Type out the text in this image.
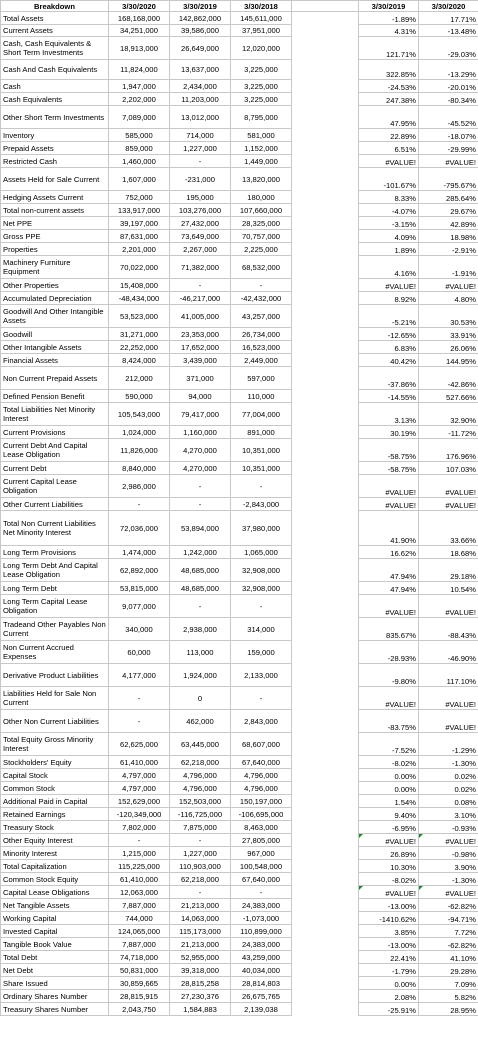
Breakdown	3/30/2020	3/30/2019	3/30/2018		3/30/2019	3/30/2020
Total Assets	168,168,000	142,862,000	145,611,000		-1.89%	17.71%
Current Assets	34,251,000	39,586,000	37,951,000		4.31%	-13.48%
Cash, Cash Equivalents & Short Term Investments	18,913,000	26,649,000	12,020,000		121.71%	-29.03%
Cash And Cash Equivalents	11,824,000	13,637,000	3,225,000		322.85%	-13.29%
Cash	1,947,000	2,434,000	3,225,000		-24.53%	-20.01%
Cash Equivalents	2,202,000	11,203,000	3,225,000		247.38%	-80.34%
Other Short Term Investments	7,089,000	13,012,000	8,795,000		47.95%	-45.52%
Inventory	585,000	714,000	581,000		22.89%	-18.07%
Prepaid Assets	859,000	1,227,000	1,152,000		6.51%	-29.99%
Restricted Cash	1,460,000	-	1,449,000		#VALUE!	#VALUE!
Assets Held for Sale Current	1,607,000	-231,000	13,820,000		-101.67%	-795.67%
Hedging Assets Current	752,000	195,000	180,000		8.33%	285.64%
Total non-current assets	133,917,000	103,276,000	107,660,000		-4.07%	29.67%
Net PPE	39,197,000	27,432,000	28,325,000		-3.15%	42.89%
Gross PPE	87,631,000	73,649,000	70,757,000		4.09%	18.98%
Properties	2,201,000	2,267,000	2,225,000		1.89%	-2.91%
Machinery Furniture Equipment	70,022,000	71,382,000	68,532,000		4.16%	-1.91%
Other Properties	15,408,000	-	-		#VALUE!	#VALUE!
Accumulated Depreciation	-48,434,000	-46,217,000	-42,432,000		8.92%	4.80%
Goodwill And Other Intangible Assets	53,523,000	41,005,000	43,257,000		-5.21%	30.53%
Goodwill	31,271,000	23,353,000	26,734,000		-12.65%	33.91%
Other Intangible Assets	22,252,000	17,652,000	16,523,000		6.83%	26.06%
Financial Assets	8,424,000	3,439,000	2,449,000		40.42%	144.95%
Non Current Prepaid Assets	212,000	371,000	597,000		-37.86%	-42.86%
Defined Pension Benefit	590,000	94,000	110,000		-14.55%	527.66%
Total Liabilities Net Minority Interest	105,543,000	79,417,000	77,004,000		3.13%	32.90%
Current Provisions	1,024,000	1,160,000	891,000		30.19%	-11.72%
Current Debt And Capital Lease Obligation	11,826,000	4,270,000	10,351,000		-58.75%	176.96%
Current Debt	8,840,000	4,270,000	10,351,000		-58.75%	107.03%
Current Capital Lease Obligation	2,986,000	-	-		#VALUE!	#VALUE!
Other Current Liabilities	-	-	-2,843,000		#VALUE!	#VALUE!
Total Non Current Liabilities Net Minority Interest	72,036,000	53,894,000	37,980,000		41.90%	33.66%
Long Term Provisions	1,474,000	1,242,000	1,065,000		16.62%	18.68%
Long Term Debt And Capital Lease Obligation	62,892,000	48,685,000	32,908,000		47.94%	29.18%
Long Term Debt	53,815,000	48,685,000	32,908,000		47.94%	10.54%
Long Term Capital Lease Obligation	9,077,000	-	-		#VALUE!	#VALUE!
Tradeand Other Payables Non Current	340,000	2,938,000	314,000		835.67%	-88.43%
Non Current Accrued Expenses	60,000	113,000	159,000		-28.93%	-46.90%
Derivative Product Liabilities	4,177,000	1,924,000	2,133,000		-9.80%	117.10%
Liabilities Held for Sale Non Current	-	0	-		#VALUE!	#VALUE!
Other Non Current Liabilities	-	462,000	2,843,000		-83.75%	#VALUE!
Total Equity Gross Minority Interest	62,625,000	63,445,000	68,607,000		-7.52%	-1.29%
Stockholders' Equity	61,410,000	62,218,000	67,640,000		-8.02%	-1.30%
Capital Stock	4,797,000	4,796,000	4,796,000		0.00%	0.02%
Common Stock	4,797,000	4,796,000	4,796,000		0.00%	0.02%
Additional Paid in Capital	152,629,000	152,503,000	150,197,000		1.54%	0.08%
Retained Earnings	-120,349,000	-116,725,000	-106,695,000		9.40%	3.10%
Treasury Stock	7,802,000	7,875,000	8,463,000		-6.95%	-0.93%
Other Equity Interest	-	-	27,805,000		#VALUE!	#VALUE!
Minority Interest	1,215,000	1,227,000	967,000		26.89%	-0.98%
Total Capitalization	115,225,000	110,903,000	100,548,000		10.30%	3.90%
Common Stock Equity	61,410,000	62,218,000	67,640,000		-8.02%	-1.30%
Capital Lease Obligations	12,063,000	-	-		#VALUE!	#VALUE!
Net Tangible Assets	7,887,000	21,213,000	24,383,000		-13.00%	-62.82%
Working Capital	744,000	14,063,000	-1,073,000		-1410.62%	-94.71%
Invested Capital	124,065,000	115,173,000	110,899,000		3.85%	7.72%
Tangible Book Value	7,887,000	21,213,000	24,383,000		-13.00%	-62.82%
Total Debt	74,718,000	52,955,000	43,259,000		22.41%	41.10%
Net Debt	50,831,000	39,318,000	40,034,000		-1.79%	29.28%
Share Issued	30,859,665	28,815,258	28,814,803		0.00%	7.09%
Ordinary Shares Number	28,815,915	27,230,376	26,675,765		2.08%	5.82%
Treasury Shares Number	2,043,750	1,584,883	2,139,038		-25.91%	28.95%
